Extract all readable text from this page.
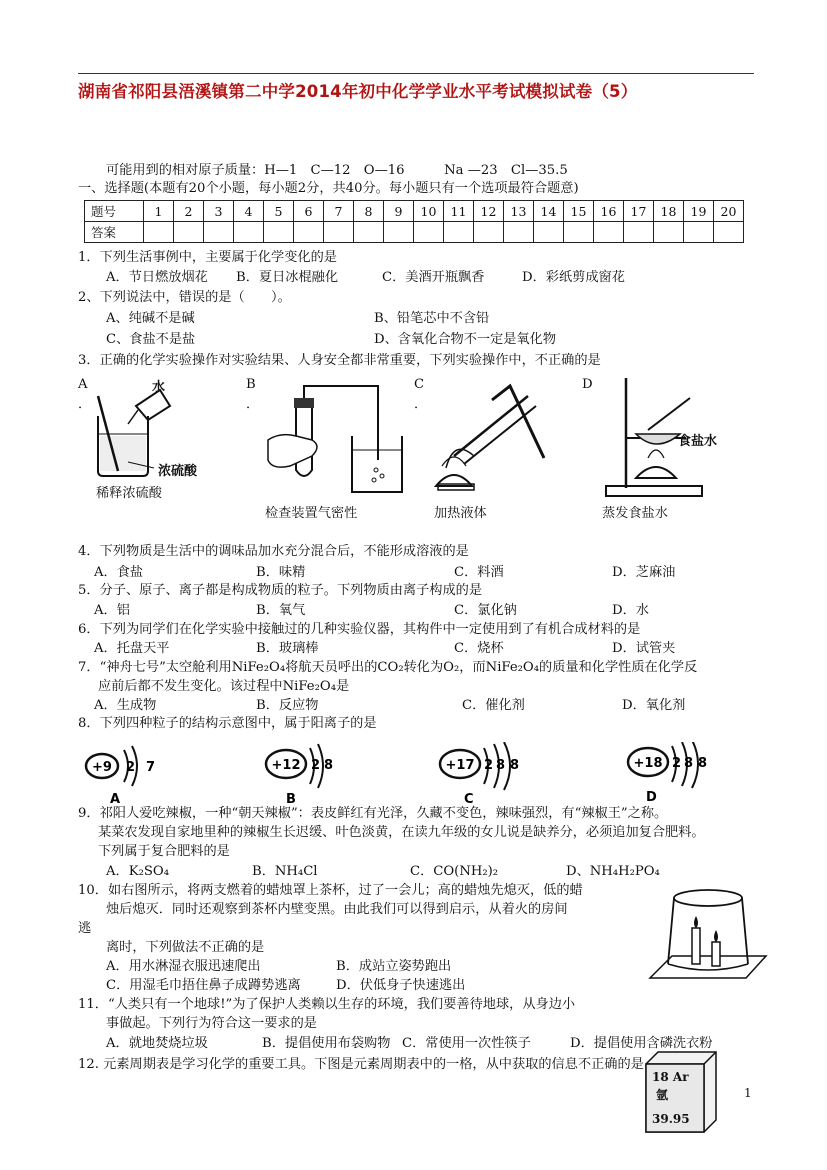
湖南省祁阳县浯溪镇第二中学2014年初中化学学业水平考试模拟试卷（5）
可能用到的相对原子质量：H—1　C—12　O—16　　　Na —23　Cl—35.5
一、选择题(本题有20个小题，每小题2分，共40分。每小题只有一个选项最符合题意)
题号	1	2	3	4	5	6	7	8	9	10	11	12	13	14	15	16	17	18	19	20
答案																				
1．下列生活事例中，主要属于化学变化的是
A．节日燃放烟花 B．夏日冰棍融化	C．美酒开瓶飘香	D．彩纸剪成窗花
2、下列说法中，错误的是（　　）。
A、纯碱不是碱	B、铅笔芯中不含铅
C、食盐不是盐	D、含氧化合物不一定是氧化物
3．正确的化学实验操作对实验结果、人身安全都非常重要，下列实验操作中，不正确的是
A
．
B
．
C
．
D
水
浓硫酸
稀释浓硫酸
检查装置气密性	加热液体
食盐水
蒸发食盐水
4．下列物质是生活中的调味品加水充分混合后，不能形成溶液的是
A．食盐	B．味精	C．料酒	D．芝麻油
5．分子、原子、离子都是构成物质的粒子。下列物质由离子构成的是
A．铝	B．氧气	C．氯化钠	D．水
6．下列为同学们在化学实验中接触过的几种实验仪器，其构件中一定使用到了有机合成材料的是
A．托盘天平	B．玻璃棒	C．烧杯	D．试管夹
7．“神舟七号”太空舱利用NiFe₂O₄将航天员呼出的CO₂转化为O₂，而NiFe₂O₄的质量和化学性质在化学反
应前后都不发生变化。该过程中NiFe₂O₄是
A．生成物	B．反应物	C．催化剂	D．氧化剂
8．下列四种粒子的结构示意图中，属于阳离子的是
+9 2 7
A
+12 2 8
B
+17 2 8 8
C
+18 2 8 8
D
9．祁阳人爱吃辣椒，一种“朝天辣椒”：表皮鲜红有光泽，久藏不变色，辣味强烈，有“辣椒王”之称。
某菜农发现自家地里种的辣椒生长迟缓、叶色淡黄，在读九年级的女儿说是缺养分，必须追加复合肥料。
下列属于复合肥料的是
A．K₂SO₄	B．NH₄Cl	C．CO(NH₂)₂	D、NH₄H₂PO₄
10．如右图所示，将两支燃着的蜡烛罩上茶杯，过了一会儿；高的蜡烛先熄灭，低的蜡
烛后熄灭．同时还观察到茶杯内壁变黑。由此我们可以得到启示，从着火的房间
逃
离时，下列做法不正确的是
A．用水淋湿衣服迅速爬出	B．成站立姿势跑出
C．用湿毛巾捂住鼻子成蹲势逃离	D．伏低身子快速逃出
11．“人类只有一个地球!”为了保护人类赖以生存的环境，我们要善待地球，从身边小
事做起。下列行为符合这一要求的是
A．就地焚烧垃圾	B．提倡使用布袋购物 C．常使用一次性筷子	D．提倡使用含磷洗衣粉
12. 元素周期表是学习化学的重要工具。下图是元素周期表中的一格，从中获取的信息不正确的是
18 Ar
氩
39.95
1
